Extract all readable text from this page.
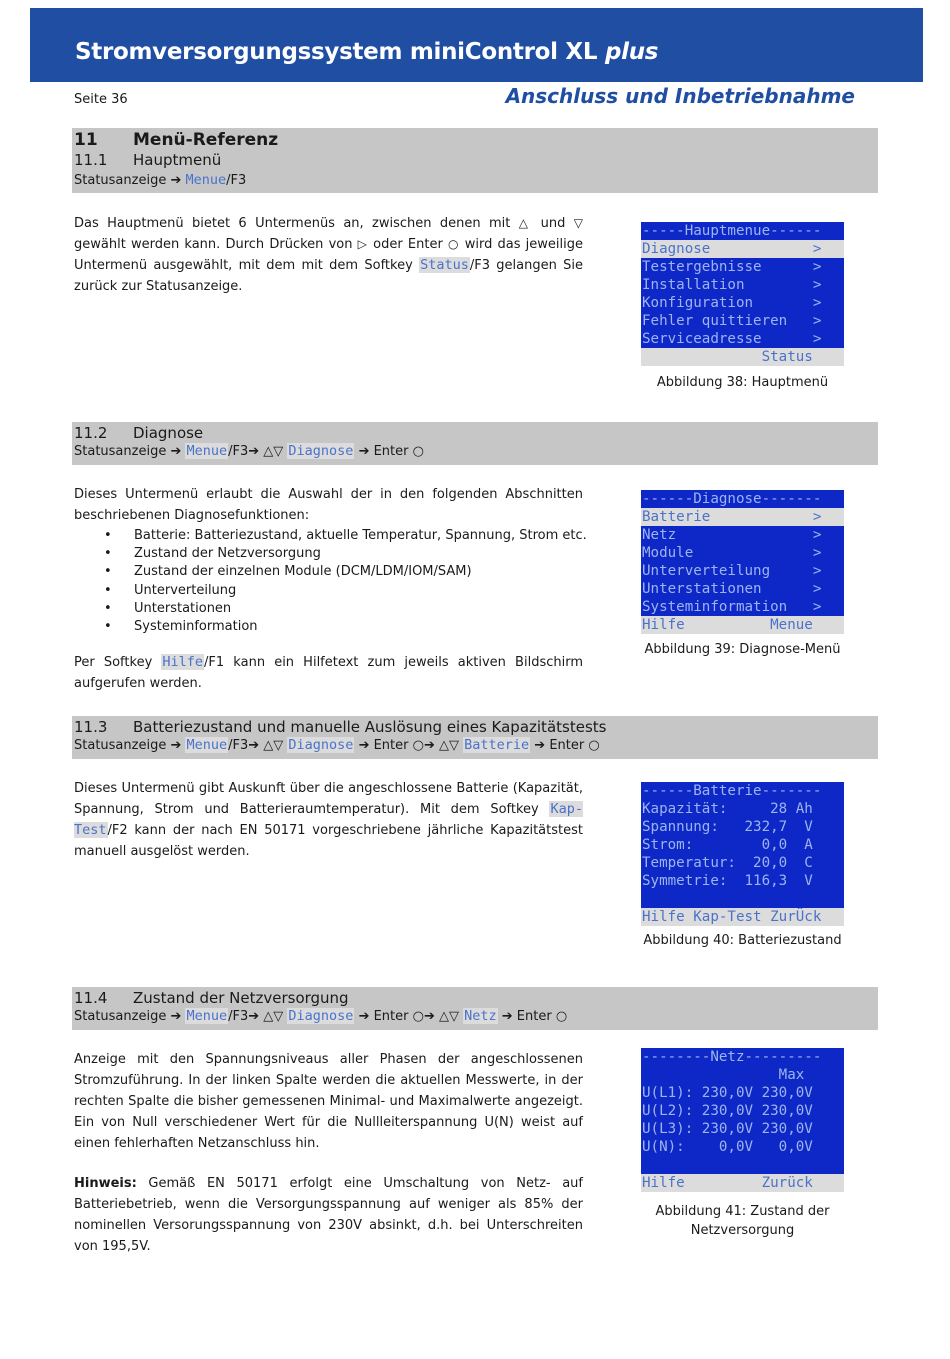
Stromversorgungssystem miniControl XL plus
Seite 36	Anschluss und Inbetriebnahme
11 Menü-Referenz
11.1 Hauptmenü
Statusanzeige ➔ Menue/F3
Das Hauptmenü bietet 6 Untermenüs an, zwischen denen mit △ und ▽ gewählt werden kann. Durch Drücken von ▷ oder Enter ○ wird das jeweilige Untermenü ausgewählt, mit dem mit dem Softkey Status/F3 gelangen Sie zurück zur Statusanzeige.
-----Hauptmenue------
Diagnose            >
Testergebnisse      >
Installation        >
Konfiguration       >
Fehler quittieren   >
Serviceadresse      >
Status
Abbildung 38: Hauptmenü
11.2 Diagnose
Statusanzeige ➔ Menue/F3➔ △▽ Diagnose ➔ Enter ○
Dieses Untermenü erlaubt die Auswahl der in den folgenden Abschnitten beschriebenen Diagnosefunktionen:
• Batterie: Batteriezustand, aktuelle Temperatur, Spannung, Strom etc.
• Zustand der Netzversorgung
• Zustand der einzelnen Module (DCM/LDM/IOM/SAM)
• Unterverteilung
• Unterstationen
• Systeminformation
Per Softkey Hilfe/F1 kann ein Hilfetext zum jeweils aktiven Bildschirm aufgerufen werden.
------Diagnose-------
Batterie            >
Netz                >
Module              >
Unterverteilung     >
Unterstationen      >
Systeminformation   >
Hilfe          Menue
Abbildung 39: Diagnose-Menü
11.3 Batteriezustand und manuelle Auslösung eines Kapazitätstests
Statusanzeige ➔ Menue/F3➔ △▽ Diagnose ➔ Enter ○➔ △▽ Batterie ➔ Enter ○
Dieses Untermenü gibt Auskunft über die angeschlossene Batterie (Kapazität, Spannung, Strom und Batterieraumtemperatur). Mit dem Softkey Kap-Test/F2 kann der nach EN 50171 vorgeschriebene jährliche Kapazitätstest manuell ausgelöst werden.
------Batterie-------
Kapazität:     28 Ah
Spannung:   232,7  V
Strom:        0,0  A
Temperatur:  20,0  C
Symmetrie:  116,3  V
Hilfe Kap-Test ZurÜck
Abbildung 40: Batteriezustand
11.4 Zustand der Netzversorgung
Statusanzeige ➔ Menue/F3➔ △▽ Diagnose ➔ Enter ○➔ △▽ Netz ➔ Enter ○
Anzeige mit den Spannungsniveaus aller Phasen der angeschlossenen Stromzuführung. In der linken Spalte werden die aktuellen Messwerte, in der rechten Spalte die bisher gemessenen Minimal- und Maximalwerte angezeigt. Ein von Null verschiedener Wert für die Nullleiterspannung U(N) weist auf einen fehlerhaften Netzanschluss hin.
Hinweis: Gemäß EN 50171 erfolgt eine Umschaltung von Netz- auf Batteriebetrieb, wenn die Versorgungsspannung auf weniger als 85% der nominellen Versorungsspannung von 230V absinkt, d.h. bei Unterschreiten von 195,5V.
--------Netz---------
Max
U(L1): 230,0V 230,0V
U(L2): 230,0V 230,0V
U(L3): 230,0V 230,0V
U(N):    0,0V   0,0V
Hilfe         Zurück
Abbildung 41: Zustand der
Netzversorgung
